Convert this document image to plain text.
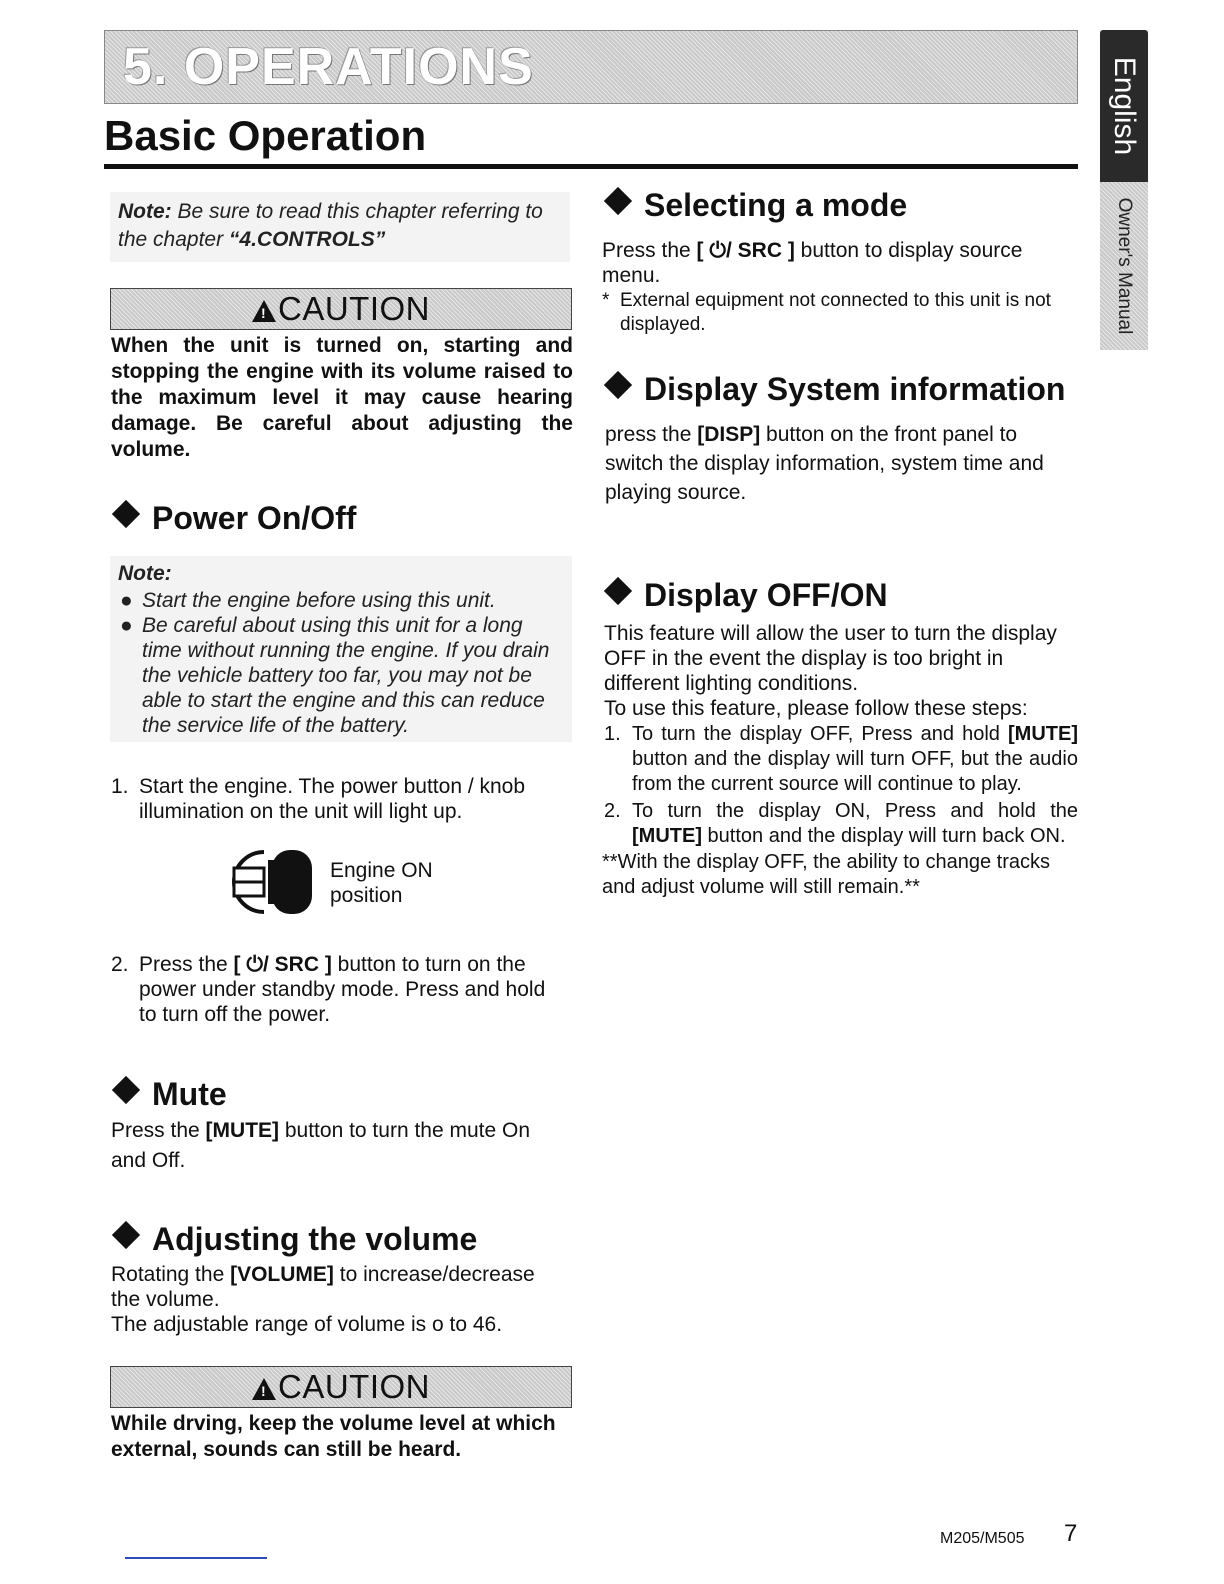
5. OPERATIONS
Basic Operation	English
Owner's Manual
Note: Be sure to read this chapter referring to the chapter “4.CONTROLS”
!CAUTION
When the unit is turned on, starting and stopping the engine with its volume raised to the maximum level it may cause hearing damage. Be careful about adjusting the volume.
Power On/Off
Note:
● Start the engine before using this unit.
● Be careful about using this unit for a long time without running the engine. If you drain the vehicle battery too far, you may not be able to start the engine and this can reduce the service life of the battery.
1. Start the engine. The power button / knob illumination on the unit will light up.
Engine ON
position
2. Press the [ ⏻/ SRC ] button to turn on the power under standby mode. Press and hold to turn off the power.
Mute
Press the [MUTE] button to turn the mute On and Off.
Adjusting the volume
Rotating the [VOLUME] to increase/decrease the volume.
The adjustable range of volume is o to 46.
!CAUTION
While drving, keep the volume level at which external, sounds can still be heard.
Selecting a mode
Press the [ ⏻/ SRC ] button to display source menu.
* External equipment not connected to this unit is not displayed.
Display System information
press the [DISP] button on the front panel to switch the display information, system time and playing source.
Display OFF/ON
This feature will allow the user to turn the display OFF in the event the display is too bright in different lighting conditions.
To use this feature, please follow these steps:
1. To turn the display OFF, Press and hold [MUTE] button and the display will turn OFF, but the audio from the current source will continue to play.
2. To turn the display ON, Press and hold the [MUTE] button and the display will turn back ON.
**With the display OFF, the ability to change tracks and adjust volume will still remain.**
M205/M505 7
